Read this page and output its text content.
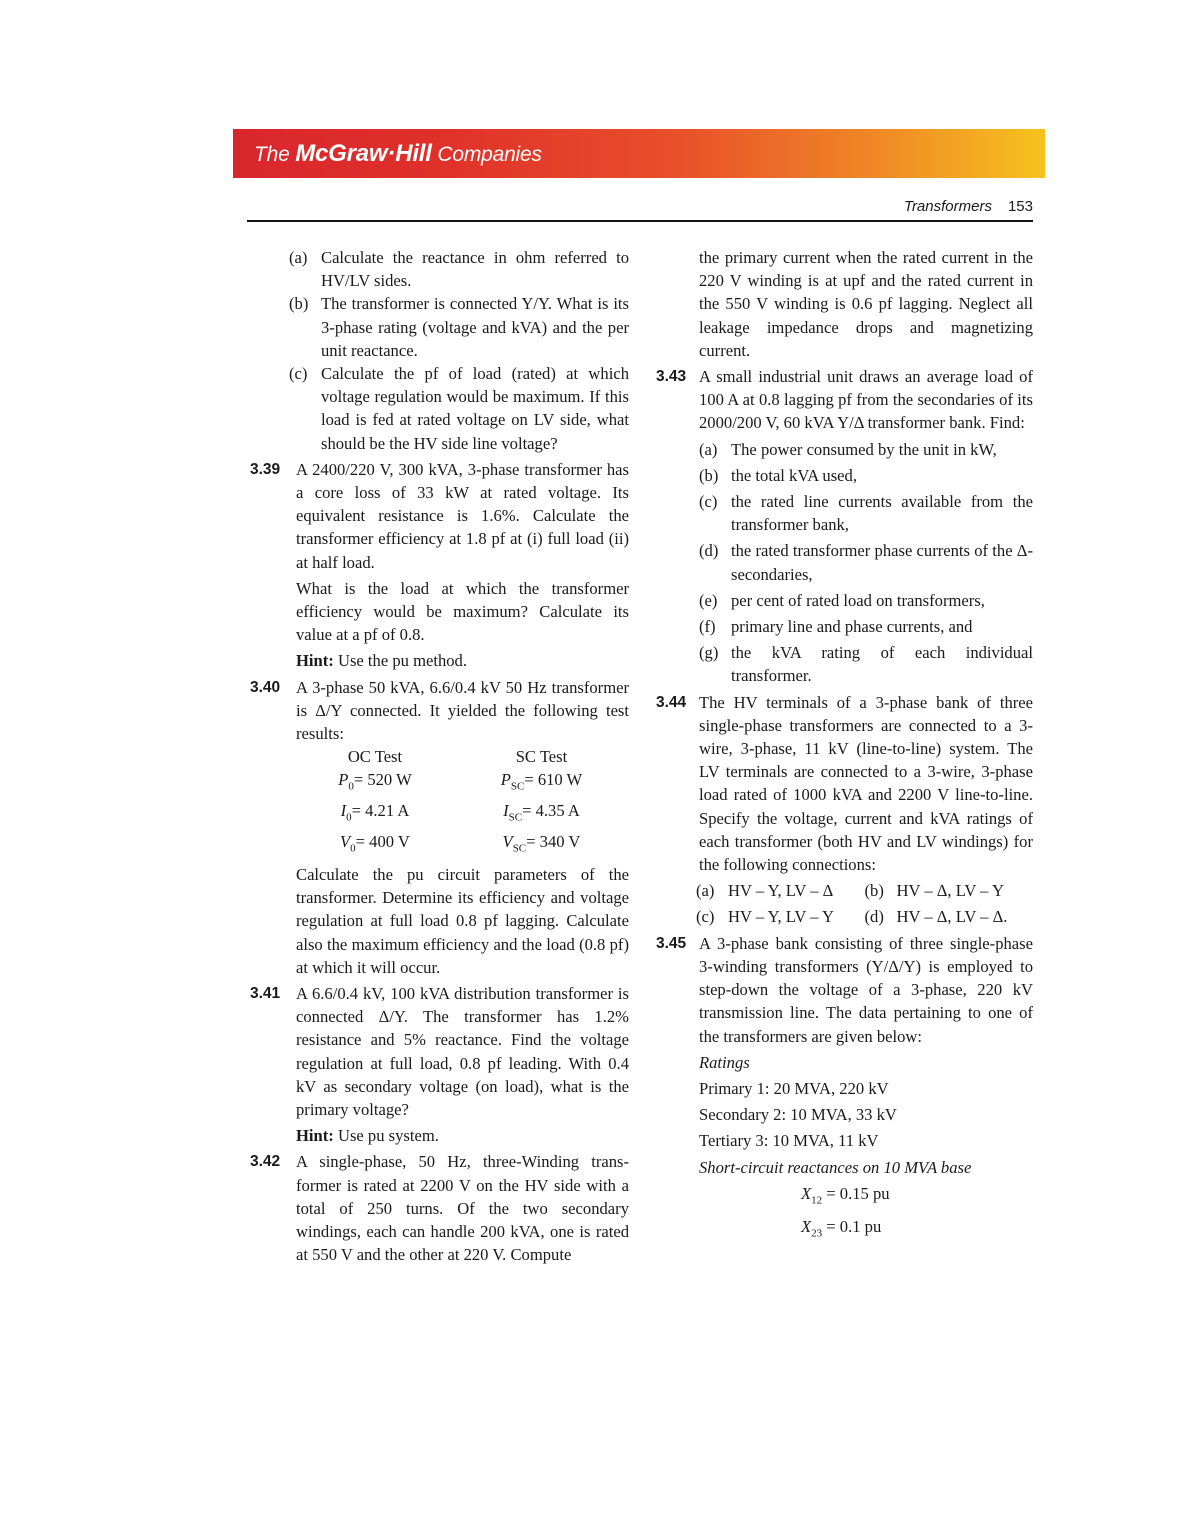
The McGraw·Hill Companies
Transformers 153
(a) Calculate the reactance in ohm referred to HV/LV sides.
(b) The transformer is connected Y/Y. What is its 3-phase rating (voltage and kVA) and the per unit reactance.
(c) Calculate the pf of load (rated) at which voltage regulation would be maximum. If this load is fed at rated voltage on LV side, what should be the HV side line voltage?
3.39 A 2400/220 V, 300 kVA, 3-phase transformer has a core loss of 33 kW at rated voltage. Its equivalent resistance is 1.6%. Calculate the transformer efficiency at 1.8 pf at (i) full load (ii) at half load.

What is the load at which the transformer efficiency would be maximum? Calculate its value at a pf of 0.8.

Hint: Use the pu method.

3.40 A 3-phase 50 kVA, 6.6/0.4 kV 50 Hz transformer is Δ/Y connected. It yielded the following test results:
OC Test	SC Test
$P_0= 520$ W	$P_{SC}= 610$ W
$I_0= 4.21$ A	$I_{SC}= 4.35$ A
$V_0= 400$ V	$V_{SC}= 340$ V

Calculate the pu circuit parameters of the transformer. Determine its efficiency and voltage regulation at full load 0.8 pf lagging. Calculate also the maximum efficiency and the load (0.8 pf) at which it will occur.

3.41 A 6.6/0.4 kV, 100 kVA distribution transformer is connected Δ/Y. The transformer has 1.2% resistance and 5% reactance. Find the voltage regulation at full load, 0.8 pf leading. With 0.4 kV as secondary voltage (on load), what is the primary voltage?

Hint: Use pu system.

3.42 A single-phase, 50 Hz, three-Winding trans-former is rated at 2200 V on the HV side with a total of 250 turns. Of the two secondary windings, each can handle 200 kVA, one is rated at 550 V and the other at 220 V. Compute

the primary current when the rated current in the 220 V winding is at upf and the rated current in the 550 V winding is 0.6 pf lagging. Neglect all leakage impedance drops and magnetizing current.

3.43 A small industrial unit draws an average load of 100 A at 0.8 lagging pf from the secondaries of its 2000/200 V, 60 kVA Y/Δ transformer bank. Find:
(a) The power consumed by the unit in kW,
(b) the total kVA used,
(c) the rated line currents available from the transformer bank,
(d) the rated transformer phase currents of the Δ-secondaries,
(e) per cent of rated load on transformers,
(f) primary line and phase currents, and
(g) the kVA rating of each individual transformer.
3.44 The HV terminals of a 3-phase bank of three single-phase transformers are connected to a 3-wire, 3-phase, 11 kV (line-to-line) system. The LV terminals are connected to a 3-wire, 3-phase load rated of 1000 kVA and 2200 V line-to-line. Specify the voltage, current and kVA ratings of each transformer (both HV and LV windings) for the following connections:
(a) HV – Y, LV – Δ (b) HV – Δ, LV – Y
(c) HV – Y, LV – Y (d) HV – Δ, LV – Δ.
3.45 A 3-phase bank consisting of three single-phase 3-winding transformers (Y/Δ/Y) is employed to step-down the voltage of a 3-phase, 220 kV transmission line. The data pertaining to one of the transformers are given below:

Ratings

Primary 1: 20 MVA, 220 kV

Secondary 2: 10 MVA, 33 kV

Tertiary 3: 10 MVA, 11 kV

Short-circuit reactances on 10 MVA base

$X_{12} = 0.15$ pu

$X_{23} = 0.1$ pu
